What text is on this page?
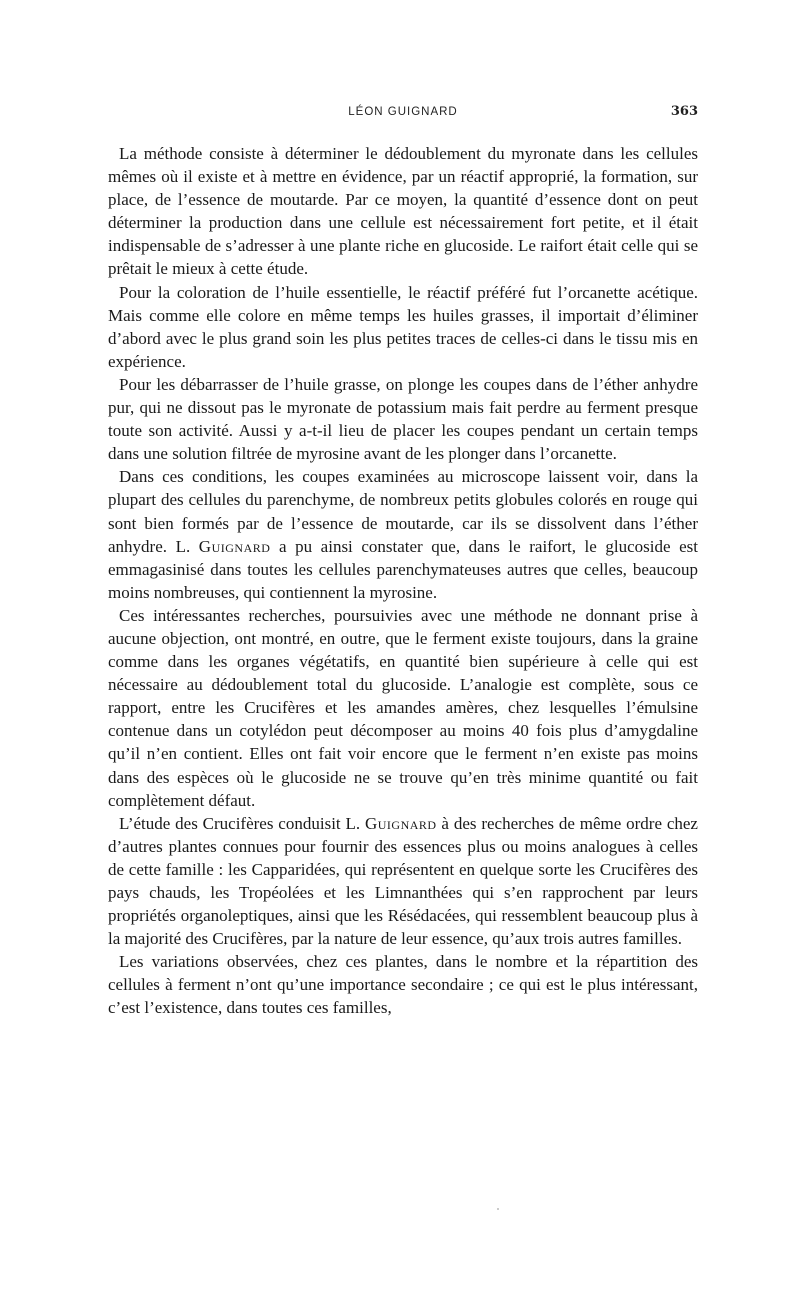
LÉON GUIGNARD	363

La méthode consiste à déterminer le dédoublement du myronate dans les cellules mêmes où il existe et à mettre en évidence, par un réactif approprié, la formation, sur place, de l’essence de moutarde. Par ce moyen, la quantité d’essence dont on peut déterminer la production dans une cellule est nécessairement fort petite, et il était indispensable de s’adresser à une plante riche en glucoside. Le raifort était celle qui se prêtait le mieux à cette étude.

Pour la coloration de l’huile essentielle, le réactif préféré fut l’orcanette acétique. Mais comme elle colore en même temps les huiles grasses, il importait d’éliminer d’abord avec le plus grand soin les plus petites traces de celles-ci dans le tissu mis en expérience.

Pour les débarrasser de l’huile grasse, on plonge les coupes dans de l’éther anhydre pur, qui ne dissout pas le myronate de potassium mais fait perdre au ferment presque toute son activité. Aussi y a-t-il lieu de placer les coupes pendant un certain temps dans une solution filtrée de myrosine avant de les plonger dans l’orcanette.

Dans ces conditions, les coupes examinées au microscope laissent voir, dans la plupart des cellules du parenchyme, de nombreux petits globules colorés en rouge qui sont bien formés par de l’essence de moutarde, car ils se dissolvent dans l’éther anhydre. L. Guignard a pu ainsi constater que, dans le raifort, le glucoside est emmagasinisé dans toutes les cellules parenchymateuses autres que celles, beaucoup moins nombreuses, qui contiennent la myrosine.

Ces intéressantes recherches, poursuivies avec une méthode ne donnant prise à aucune objection, ont montré, en outre, que le ferment existe toujours, dans la graine comme dans les organes végétatifs, en quantité bien supérieure à celle qui est nécessaire au dédoublement total du glucoside. L’analogie est complète, sous ce rapport, entre les Crucifères et les amandes amères, chez lesquelles l’émulsine contenue dans un cotylédon peut décomposer au moins 40 fois plus d’amygdaline qu’il n’en contient. Elles ont fait voir encore que le ferment n’en existe pas moins dans des espèces où le glucoside ne se trouve qu’en très minime quantité ou fait complètement défaut.

L’étude des Crucifères conduisit L. Guignard à des recherches de même ordre chez d’autres plantes connues pour fournir des essences plus ou moins analogues à celles de cette famille : les Capparidées, qui représentent en quelque sorte les Crucifères des pays chauds, les Tropéolées et les Limnanthées qui s’en rapprochent par leurs propriétés organoleptiques, ainsi que les Résédacées, qui ressemblent beaucoup plus à la majorité des Crucifères, par la nature de leur essence, qu’aux trois autres familles.

Les variations observées, chez ces plantes, dans le nombre et la répartition des cellules à ferment n’ont qu’une importance secondaire ; ce qui est le plus intéressant, c’est l’existence, dans toutes ces familles,
